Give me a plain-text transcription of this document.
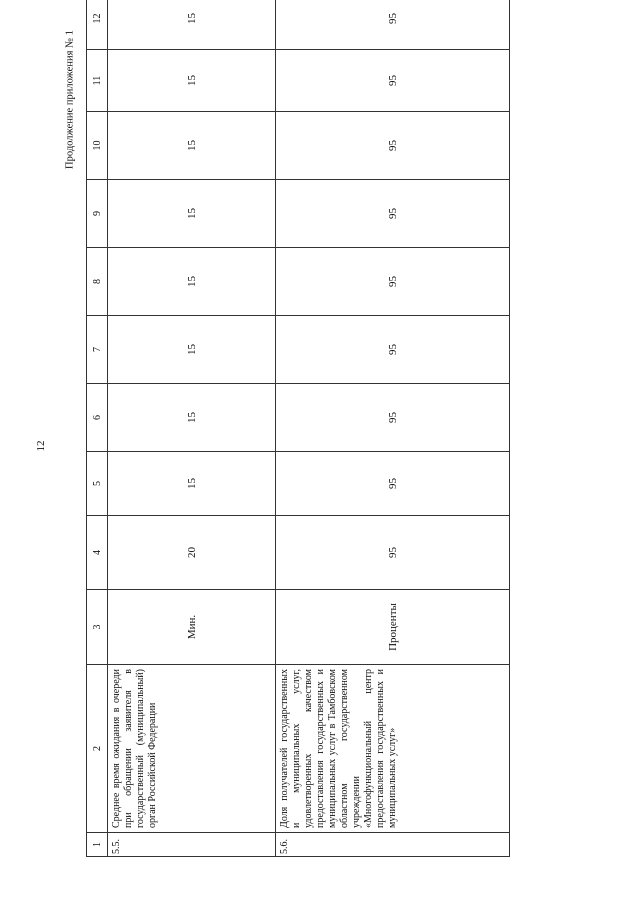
12
Продолжение приложения № 1
1	2	3	4	5	6	7	8	9	10	11	12
5.5.	Среднее время ожидания в очереди при обращении заявителя в государственный (муниципальный) орган Российской Федерации	Мин.	20	15	15	15	15	15	15	15	15
5.6.	Доля получателей государственных и муниципальных услуг, удовлетворенных качеством предоставления государственных и муниципальных услуг в Тамбовском областном государственном учреждении «Многофункциональный центр предоставления государственных и муниципальных услуг»	Проценты	95	95	95	95	95	95	95	95	95
